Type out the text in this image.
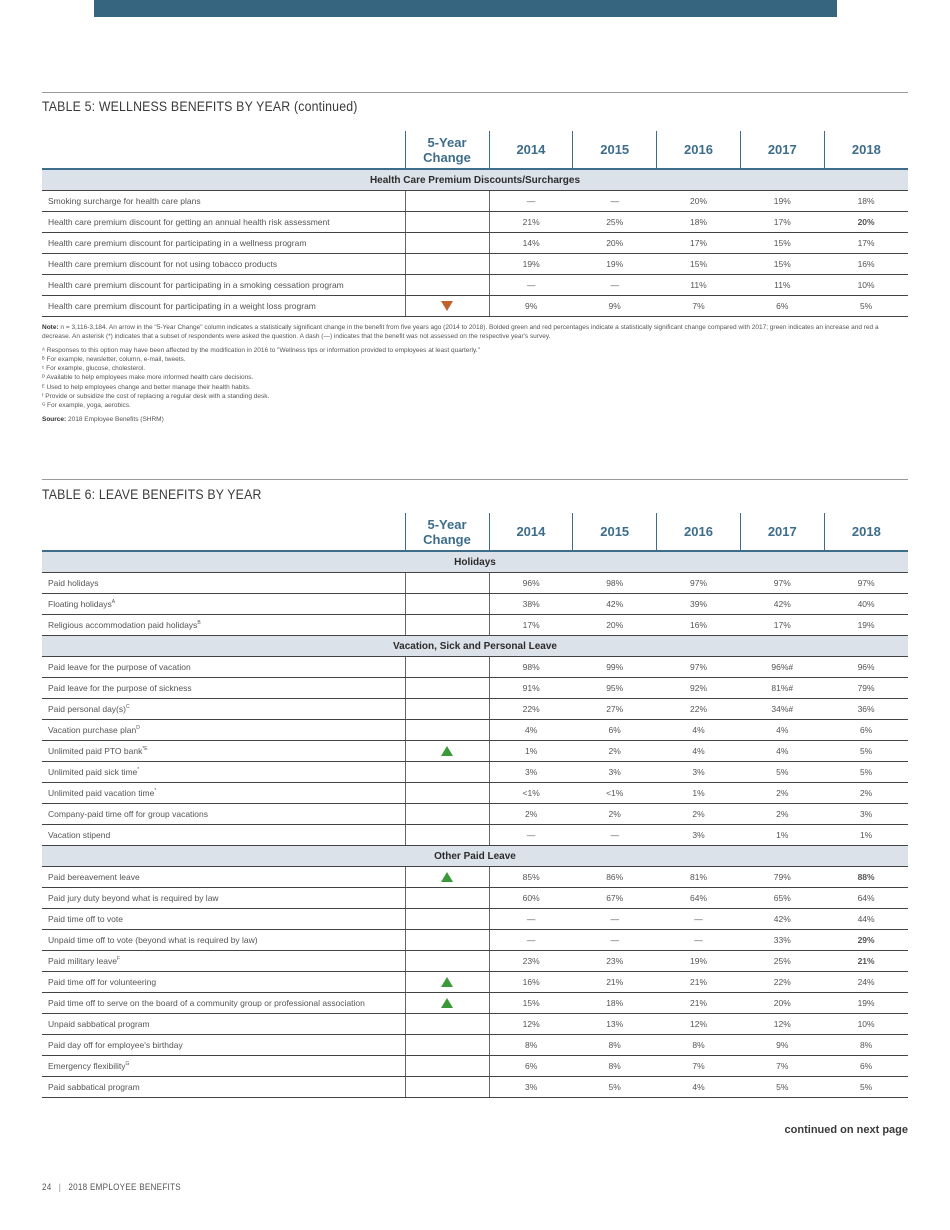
TABLE 5: WELLNESS BENEFITS BY YEAR (continued)
	5-Year Change	2014	2015	2016	2017	2018
Health Care Premium Discounts/Surcharges						
Smoking surcharge for health care plans		—	—	20%	19%	18%
Health care premium discount for getting an annual health risk assessment		21%	25%	18%	17%	20%
Health care premium discount for participating in a wellness program		14%	20%	17%	15%	17%
Health care premium discount for not using tobacco products		19%	19%	15%	15%	16%
Health care premium discount for participating in a smoking cessation program		—	—	11%	11%	10%
Health care premium discount for participating in a weight loss program		9%	9%	7%	6%	5%

Note: n = 3,116-3,184. An arrow in the "5-Year Change" column indicates a statistically significant change in the benefit from five years ago (2014 to 2018). Bolded green and red percentages indicate a statistically significant change compared with 2017; green indicates an increase and red a decrease. An asterisk (*) indicates that a subset of respondents were asked the question. A dash (—) indicates that the benefit was not assessed on the respective year's survey.

ᴬ Responses to this option may have been affected by the modification in 2016 to "Wellness tips or information provided to employees at least quarterly."

ᴮ For example, newsletter, column, e-mail, tweets.

ᶜ For example, glucose, cholesterol.

ᴰ Available to help employees make more informed health care decisions.

ᴱ Used to help employees change and better manage their health habits.

ᶠ Provide or subsidize the cost of replacing a regular desk with a standing desk.

ᴳ For example, yoga, aerobics.

Source: 2018 Employee Benefits (SHRM)

TABLE 6: LEAVE BENEFITS BY YEAR
	5-Year Change	2014	2015	2016	2017	2018
Holidays						
Paid holidays		96%	98%	97%	97%	97%
Floating holidays$^A$		38%	42%	39%	42%	40%
Religious accommodation paid holidays$^B$		17%	20%	16%	17%	19%
Vacation, Sick and Personal Leave						
Paid leave for the purpose of vacation		98%	99%	97%	96%#	96%
Paid leave for the purpose of sickness		91%	95%	92%	81%#	79%
Paid personal $day(s)^C$		22%	27%	22%	34%#	36%
Vacation purchase plan$^D$		4%	6%	4%	4%	6%
Unlimited paid PTO bank$^{*E}$		1%	2%	4%	4%	5%
Unlimited paid sick time*		3%	3%	3%	5%	5%
Unlimited paid vacation time*		<1%	<1%	1%	2%	2%
Company-paid time off for group vacations		2%	2%	2%	2%	3%
Vacation stipend		—	—	3%	1%	1%
Other Paid Leave						
Paid bereavement leave		85%	86%	81%	79%	88%
Paid jury duty beyond what is required by law		60%	67%	64%	65%	64%
Paid time off to vote		—	—	—	42%	44%
Unpaid time off to vote (beyond what is required by law)		—	—	—	33%	29%
Paid military leave$^F$		23%	23%	19%	25%	21%
Paid time off for volunteering		16%	21%	21%	22%	24%
Paid time off to serve on the board of a community group or professional association		15%	18%	21%	20%	19%
Unpaid sabbatical program		12%	13%	12%	12%	10%
Paid day off for employee's birthday		8%	8%	8%	9%	8%
Emergency flexibility$^G$		6%	8%	7%	7%	6%
Paid sabbatical program		3%	5%	4%	5%	5%
continued on next page
24 | 2018 EMPLOYEE BENEFITS
